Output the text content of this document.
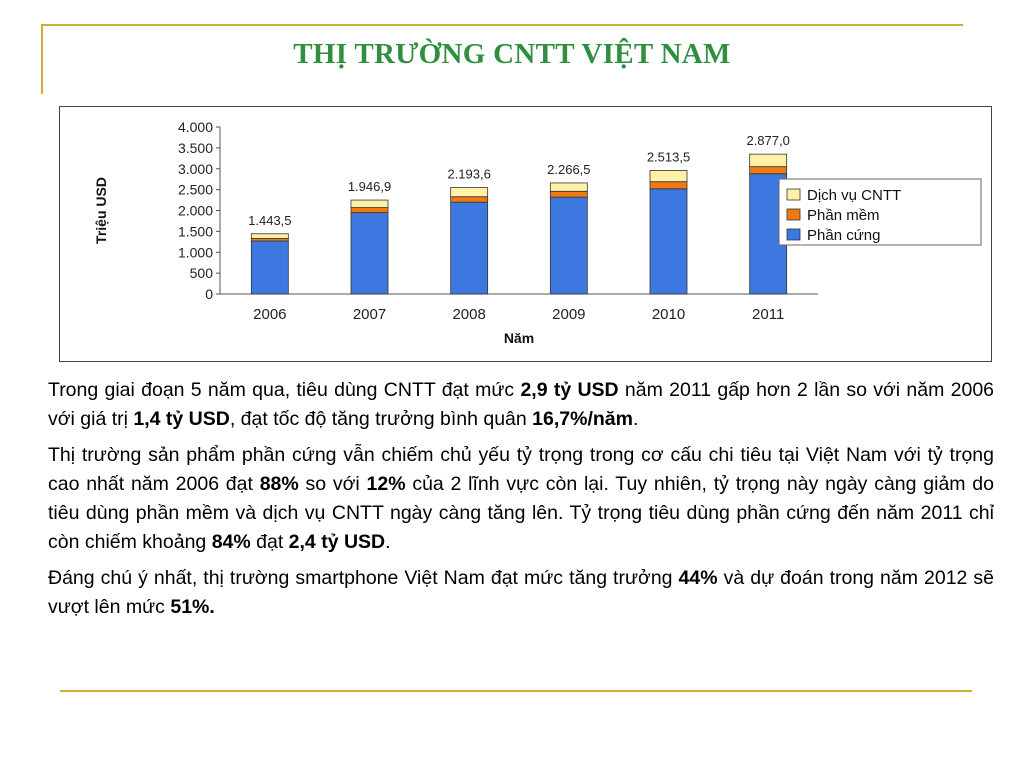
THỊ TRƯỜNG CNTT VIỆT NAM
0
500
1.000
1.500
2.000
2.500
3.000
3.500
4.000
Triệu USD	1.443,5
2006
1.946,9
2007
2.193,6
2008
2.266,5
2009
2.513,5
2010
2.877,0
2011
Năm
Dịch vụ CNTT
Phần mềm
Phần cứng

Trong giai đoạn 5 năm qua, tiêu dùng CNTT đạt mức 2,9 tỷ USD năm 2011 gấp hơn 2 lần so với năm 2006 với giá trị 1,4 tỷ USD, đạt tốc độ tăng trưởng bình quân 16,7%/năm.

Thị trường sản phẩm phần cứng vẫn chiếm chủ yếu tỷ trọng trong cơ cấu chi tiêu tại Việt Nam với tỷ trọng cao nhất năm 2006 đạt 88% so với 12% của 2 lĩnh vực còn lại. Tuy nhiên, tỷ trọng này ngày càng giảm do tiêu dùng phần mềm và dịch vụ CNTT ngày càng tăng lên. Tỷ trọng tiêu dùng phần cứng đến năm 2011 chỉ còn chiếm khoảng 84% đạt 2,4 tỷ USD.

Đáng chú ý nhất, thị trường smartphone Việt Nam đạt mức tăng trưởng 44% và dự đoán trong năm 2012 sẽ vượt lên mức 51%.
